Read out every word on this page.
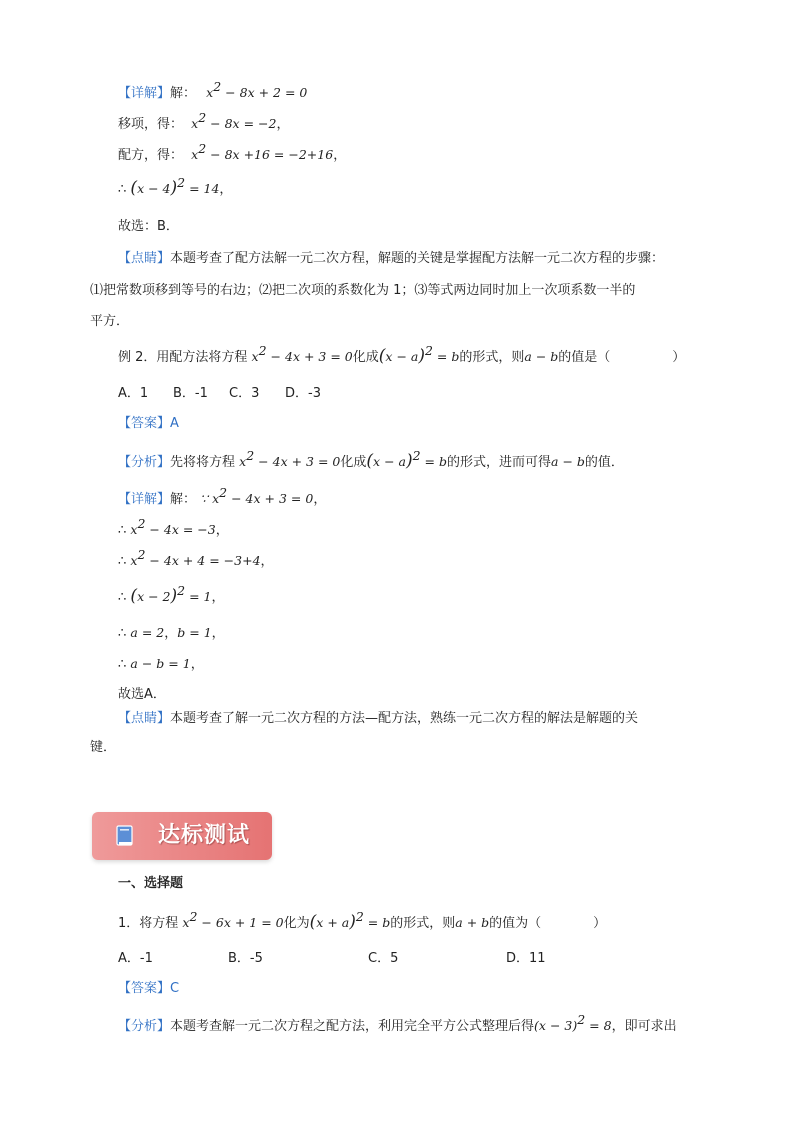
【详解】解： $x^2 - 8x + 2 = 0$
移项，得： $x^2 - 8x = -2$，
配方，得： $x^2 - 8x +16 = -2+16$，
∴ $(x - 4)^2 = 14$，
故选：B．
【点睛】本题考查了配方法解一元二次方程，解题的关键是掌握配方法解一元二次方程的步骤：
⑴把常数项移到等号的右边；⑵把二次项的系数化为 1；⑶等式两边同时加上一次项系数一半的
平方．
例 2．用配方法将方程 $x^2 - 4x + 3 = 0$化成$(x - a)^2 = b$的形式，则a − b的值是（	）
A．1 B．-1 C．3 D．-3
【答案】A
【分析】先将将方程 $x^2 - 4x + 3 = 0$化成$(x - a)^2 = b$的形式，进而可得a − b的值．
【详解】解： ∵ $x^2 - 4x + 3 = 0$，
∴ $x^2 - 4x = -3$，
∴ $x^2 - 4x + 4 = -3+4$，
∴ $(x - 2)^2 = 1$，
∴ a = 2，b = 1，
∴ a − b = 1，
故选A．
【点睛】本题考查了解一元二次方程的方法—配方法，熟练一元二次方程的解法是解题的关
键．
达标测试
一、选择题
1．将方程 $x^2 - 6x + 1 = 0$化为$(x + a)^2 = b$的形式，则a + b的值为（	）
A．-1	B．-5	C．5	D．11
【答案】C
【分析】本题考查解一元二次方程之配方法，利用完全平方公式整理后得$(x - 3)^2 = 8$，即可求出
